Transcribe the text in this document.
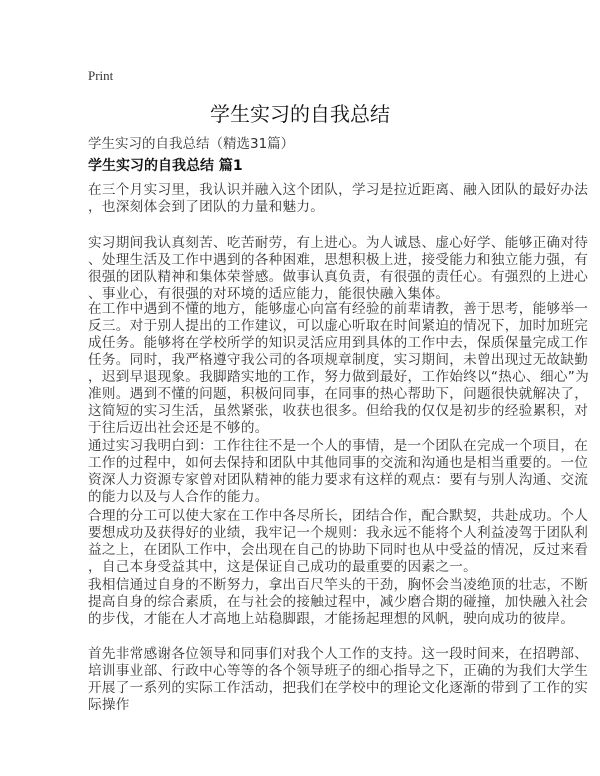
Print
学生实习的自我总结
学生实习的自我总结（精选31篇）
学生实习的自我总结 篇1
在三个月实习里，我认识并融入这个团队，学习是拉近距离、融入团队的最好办法
，也深刻体会到了团队的力量和魅力。
实习期间我认真刻苦、吃苦耐劳，有上进心。为人诚恳、虚心好学、能够正确对待
、处理生活及工作中遇到的各种困难，思想积极上进，接受能力和独立能力强，有
很强的团队精神和集体荣誉感。做事认真负责，有很强的责任心。有强烈的上进心
、事业心，有很强的对环境的适应能力，能很快融入集体。
在工作中遇到不懂的地方，能够虚心向富有经验的前辈请教，善于思考，能够举一
反三。对于别人提出的工作建议，可以虚心听取在时间紧迫的情况下，加时加班完
成任务。能够将在学校所学的知识灵活应用到具体的工作中去，保质保量完成工作
任务。同时，我严格遵守我公司的各项规章制度，实习期间，未曾出现过无故缺勤
，迟到早退现象。我脚踏实地的工作，努力做到最好，工作始终以“热心、细心”为
准则。遇到不懂的问题，积极问同事，在同事的热心帮助下，问题很快就解决了，
这简短的实习生活，虽然紧张，收获也很多。但给我的仅仅是初步的经验累积，对
于往后迈出社会还是不够的。
通过实习我明白到：工作往往不是一个人的事情，是一个团队在完成一个项目，在
工作的过程中，如何去保持和团队中其他同事的交流和沟通也是相当重要的。一位
资深人力资源专家曾对团队精神的能力要求有这样的观点：要有与别人沟通、交流
的能力以及与人合作的能力。
合理的分工可以使大家在工作中各尽所长，团结合作，配合默契，共赴成功。个人
要想成功及获得好的业绩，我牢记一个规则：我永远不能将个人利益凌驾于团队利
益之上，在团队工作中，会出现在自己的协助下同时也从中受益的情况，反过来看
，自己本身受益其中，这是保证自己成功的最重要的因素之一。
我相信通过自身的不断努力，拿出百尺竿头的干劲，胸怀会当凌绝顶的壮志，不断
提高自身的综合素质，在与社会的接触过程中，减少磨合期的碰撞，加快融入社会
的步伐，才能在人才高地上站稳脚跟，才能扬起理想的风帆，驶向成功的彼岸。
首先非常感谢各位领导和同事们对我个人工作的支持。这一段时间来，在招聘部、
培训事业部、行政中心等等的各个领导班子的细心指导之下，正确的为我们大学生
开展了一系列的实际工作活动，把我们在学校中的理论文化逐渐的带到了工作的实
际操作
